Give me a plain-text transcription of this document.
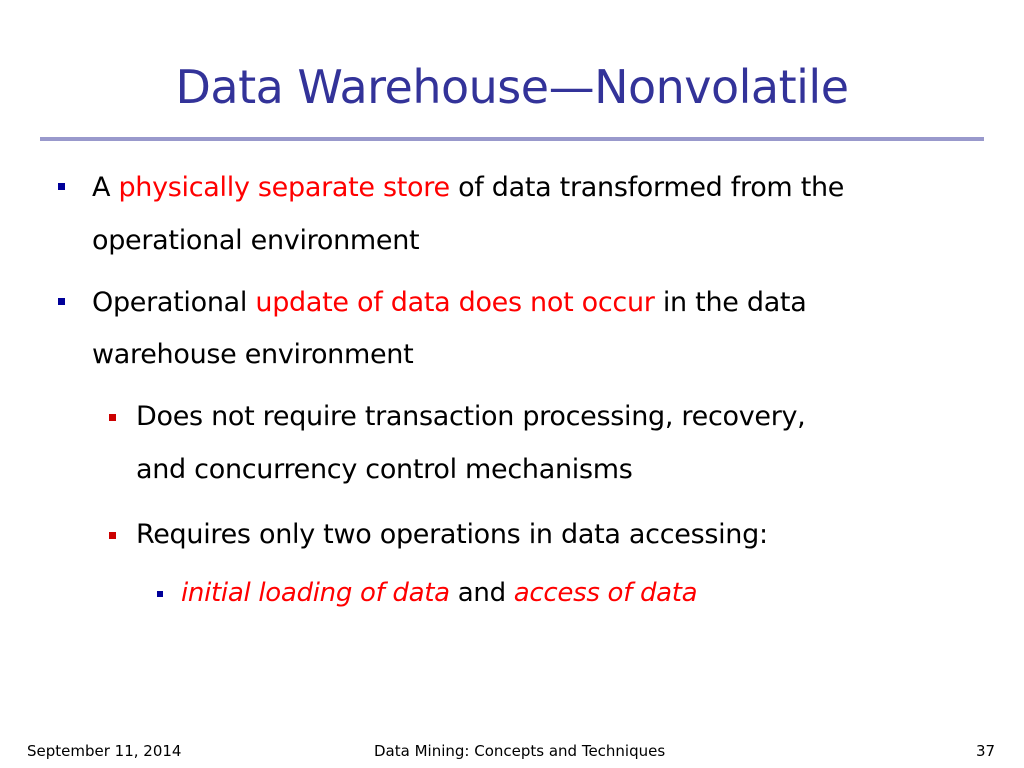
Data Warehouse—Nonvolatile
A physically separate store of data transformed from the
operational environment
Operational update of data does not occur in the data
warehouse environment
Does not require transaction processing, recovery,
and concurrency control mechanisms
Requires only two operations in data accessing:
initial loading of data and access of data
September 11, 2014	Data Mining: Concepts and Techniques	37
